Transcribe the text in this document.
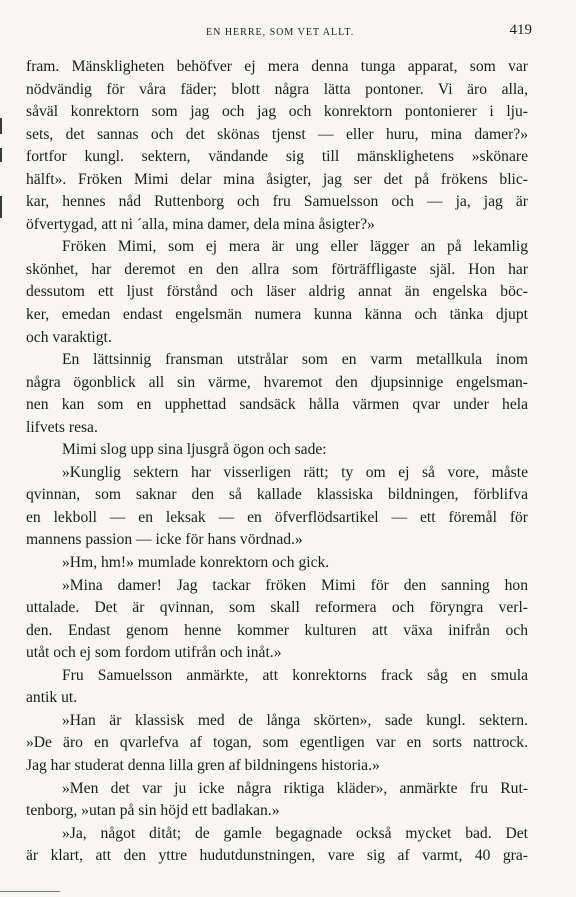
EN HERRE, SOM VET ALLT.	419
fram. Mänskligheten behöfver ej mera denna tunga apparat, som var
nödvändig för våra fäder; blott några lätta pontoner. Vi äro alla,
såväl konrektorn som jag och jag och konrektorn pontonierer i lju-
sets, det sannas och det skönas tjenst — eller huru, mina damer?»
fortfor kungl. sektern, vändande sig till mänsklighetens »skönare
hälft». Fröken Mimi delar mina åsigter, jag ser det på frökens blic-
kar, hennes nåd Ruttenborg och fru Samuelsson och — ja, jag är
öfvertygad, att ni ´alla, mina damer, dela mina åsigter?»
Fröken Mimi, som ej mera är ung eller lägger an på lekamlig
skönhet, har deremot en den allra som förträffligaste själ. Hon har
dessutom ett ljust förstånd och läser aldrig annat än engelska böc-
ker, emedan endast engelsmän numera kunna känna och tänka djupt
och varaktigt.
En lättsinnig fransman utstrålar som en varm metallkula inom
några ögonblick all sin värme, hvaremot den djupsinnige engelsman-
nen kan som en upphettad sandsäck hålla värmen qvar under hela
lifvets resa.
Mimi slog upp sina ljusgrå ögon och sade:
»Kunglig sektern har visserligen rätt; ty om ej så vore, måste
qvinnan, som saknar den så kallade klassiska bildningen, förblifva
en lekboll — en leksak — en öfverflödsartikel — ett föremål för
mannens passion — icke för hans vördnad.»
»Hm, hm!» mumlade konrektorn och gick.
»Mina damer! Jag tackar fröken Mimi för den sanning hon
uttalade. Det är qvinnan, som skall reformera och föryngra verl-
den. Endast genom henne kommer kulturen att växa inifrån och
utåt och ej som fordom utifrån och inåt.»
Fru Samuelsson anmärkte, att konrektorns frack såg en smula
antik ut.
»Han är klassisk med de långa skörten», sade kungl. sektern.
»De äro en qvarlefva af togan, som egentligen var en sorts nattrock.
Jag har studerat denna lilla gren af bildningens historia.»
»Men det var ju icke några riktiga kläder», anmärkte fru Rut-
tenborg, »utan på sin höjd ett badlakan.»
»Ja, något ditåt; de gamle begagnade också mycket bad. Det
är klart, att den yttre hudutdunstningen, vare sig af varmt, 40 gra-
